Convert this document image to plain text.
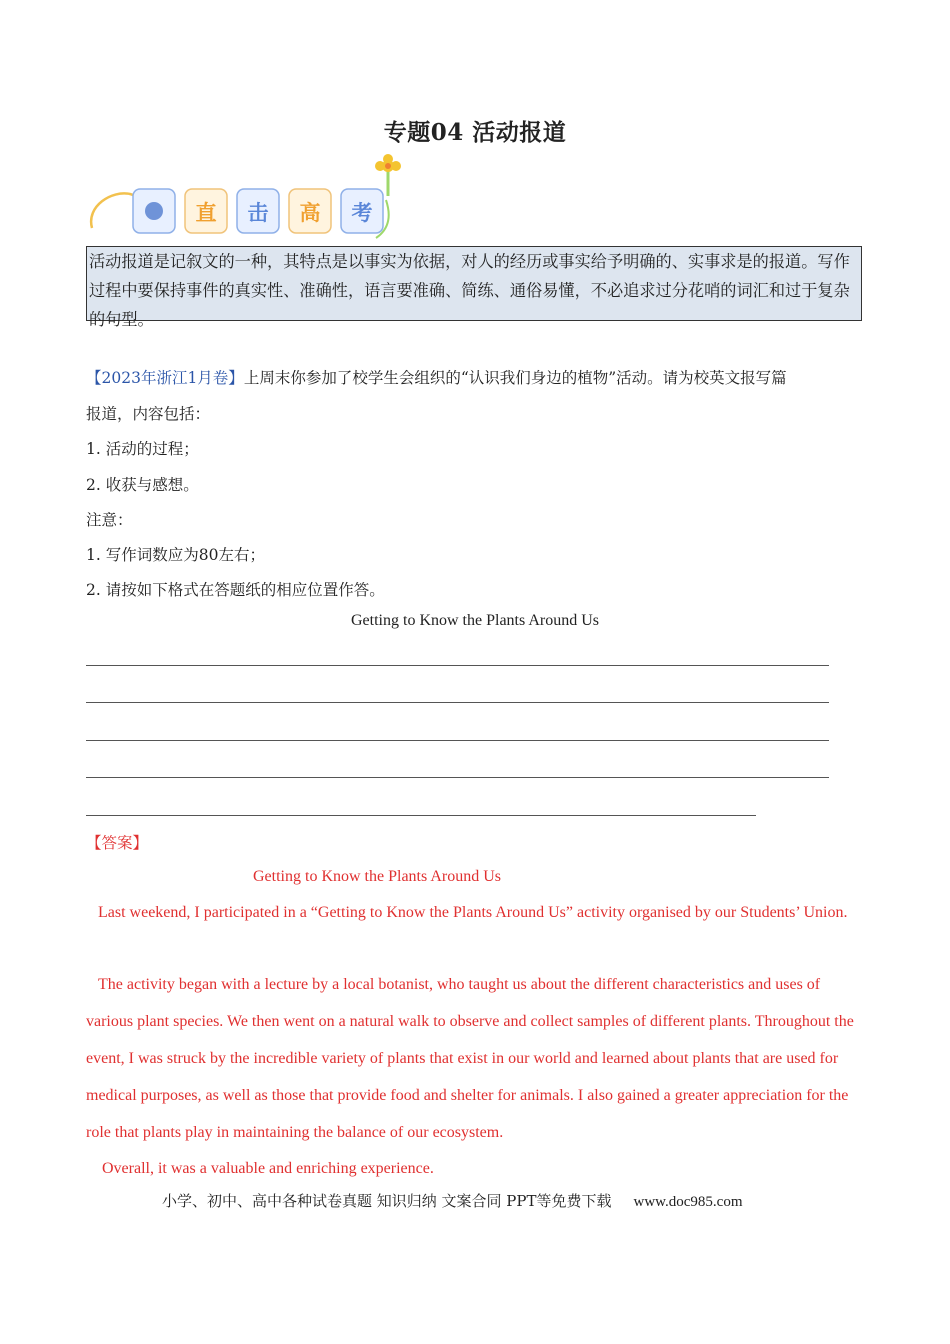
专题04 活动报道
直 击 高 考
活动报道是记叙文的一种，其特点是以事实为依据，对人的经历或事实给予明确的、实事求是的报道。写作过程中要保持事件的真实性、准确性，语言要准确、简练、通俗易懂，不必追求过分花哨的词汇和过于复杂的句型。
【2023年浙江1月卷】上周末你参加了校学生会组织的“认识我们身边的植物”活动。请为校英文报写篇
报道，内容包括：
1. 活动的过程；
2. 收获与感想。
注意：
1. 写作词数应为80左右；
2. 请按如下格式在答题纸的相应位置作答。
Getting to Know the Plants Around Us
【答案】
Getting to Know the Plants Around Us
Last weekend, I participated in a “Getting to Know the Plants Around Us” activity organised by our Students’ Union.
The activity began with a lecture by a local botanist, who taught us about the different characteristics and uses of various plant species. We then went on a natural walk to observe and collect samples of different plants. Throughout the event, I was struck by the incredible variety of plants that exist in our world and learned about plants that are used for medical purposes, as well as those that provide food and shelter for animals. I also gained a greater appreciation for the role that plants play in maintaining the balance of our ecosystem.
Overall, it was a valuable and enriching experience.
小学、初中、高中各种试卷真题 知识归纳 文案合同 PPT等免费下载 www.doc985.com
